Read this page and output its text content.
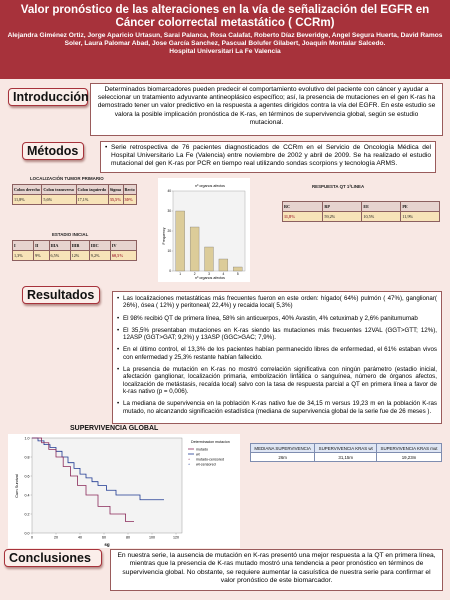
Valor pronóstico de las alteraciones en la vía de señalización del EGFR en Cáncer colorrectal metastático ( CCRm)
Alejandra Giménez Ortiz, Jorge Aparicio Urtasun, Sarai Palanca, Rosa Calafat, Roberto Díaz Beveridge, Angel Segura Huerta, David Ramos Soler, Laura Palomar Abad, Jose García Sanchez, Pascual Bolufer Gilabert, Joaquín Montalar Salcedo.
Hospital Universitari La Fe Valencia
Introducción
Determinados biomarcadores pueden predecir el comportamiento evolutivo del paciente con cáncer y ayudar a seleccionar un tratamiento adyuvante antineoplásico específico; así, la presencia de mutaciones en el gen K-ras ha demostrado tener un valor predictivo en la respuesta a agentes dirigidos contra la vía del EGFR. En este estudio se valora la posible implicación pronóstica de K-ras, en términos de supervivencia global, según se estudio mutacional.
Métodos	• Serie retrospectiva de 76 pacientes diagnosticados de CCRm en el Servicio de Oncología Médica del Hospital Universitario La Fe (Valencia) entre noviembre de 2002 y abril de 2009. Se ha realizado el estudio mutacional del gen K-ras por PCR en tiempo real utilizando sondas scorpions y tecnología ARMS.
LOCALIZACIÓN TUMOR PRIMARIO
Colon derecho	Colon transverso	Colon izquierdo	Sigma	Recto
11,8%	5,6%	17,1%	35,5%	30%
ESTADIO INICIAL
I	II	IIIA	IIIB	IIIC	IV
1,3%	9%	6,5%	12%	9,2%	60,5%
nº organos afectos
Frequency
nº organos afectos
0
10
20
30
40
1	2	3	4	5
RESPUESTA QT 1ªLINEA
RC	RP	EE	PE
11,8%	59,2%	10,5%	11,9%
Resultados	• Las localizaciones metastáticas más frecuentes fueron en este orden: hígado( 64%) pulmón ( 47%), ganglionar( 26%), ósea ( 12%) y peritoneal( 22,4%) y recaida local( 5,3%)
• El 98% recibió QT de primera línea, 58% sin anticuerpos, 40% Avastin, 4% cetuximab y 2,6% panitumumab
• El 35,5% presentaban mutaciones en K-ras siendo las mutaciones más frecuentes 12VAL (GGT>GTT; 12%), 12ASP (GGT>GAT; 9,2%) y 13ASP (GGC>GAC; 7,9%).
• En el último control, el 13,3% de los pacientes habían permanecido libres de enfermedad, el 61% estaban vivos con enfermedad y 25,3% restante habían fallecido.
• La presencia de mutación en K-ras no mostró correlación significativa con ningún parámetro (estadio inicial, afectación ganglionar, localización primaria, embolización linfática o sanguínea, número de órganos afectos, localización de metástasis, recaída local) salvo con la tasa de respuesta parcial a QT en primera línea a favor de k-ras nativo (p = 0,006).
• La mediana de supervivencia en la población K-ras nativo fue de 34,15 m versus 19,23 m en la población K-ras mutado, no alcanzando significación estadística (mediana de supervivencia global de la serie fue de 26 meses ).
SUPERVIVENCIA GLOBAL
Cum Survival
sg
Determinacion mutacion
mutado
wt
+ mutado-censored
+ wt-censored
0.0
0.2
0.4
0.6
0.8
1.0
0	20	40	60	80	100	120
MEDIANA SUPERVIVENCIA	SUPERVIVENCIA KRAS wt	SUPERVIVENCIA KRAS mut
26m	31,15m	19,23m
Conclusiones	En nuestra serie, la ausencia de mutación en K-ras presentó una mejor respuesta a la QT en primera línea, mientras que la presencia de K-ras mutado mostró una tendencia a peor pronóstico en términos de supervivencia global. No obstante, se requiere aumentar la casuística de nuestra serie para confirmar el valor pronóstico de este biomarcador.
